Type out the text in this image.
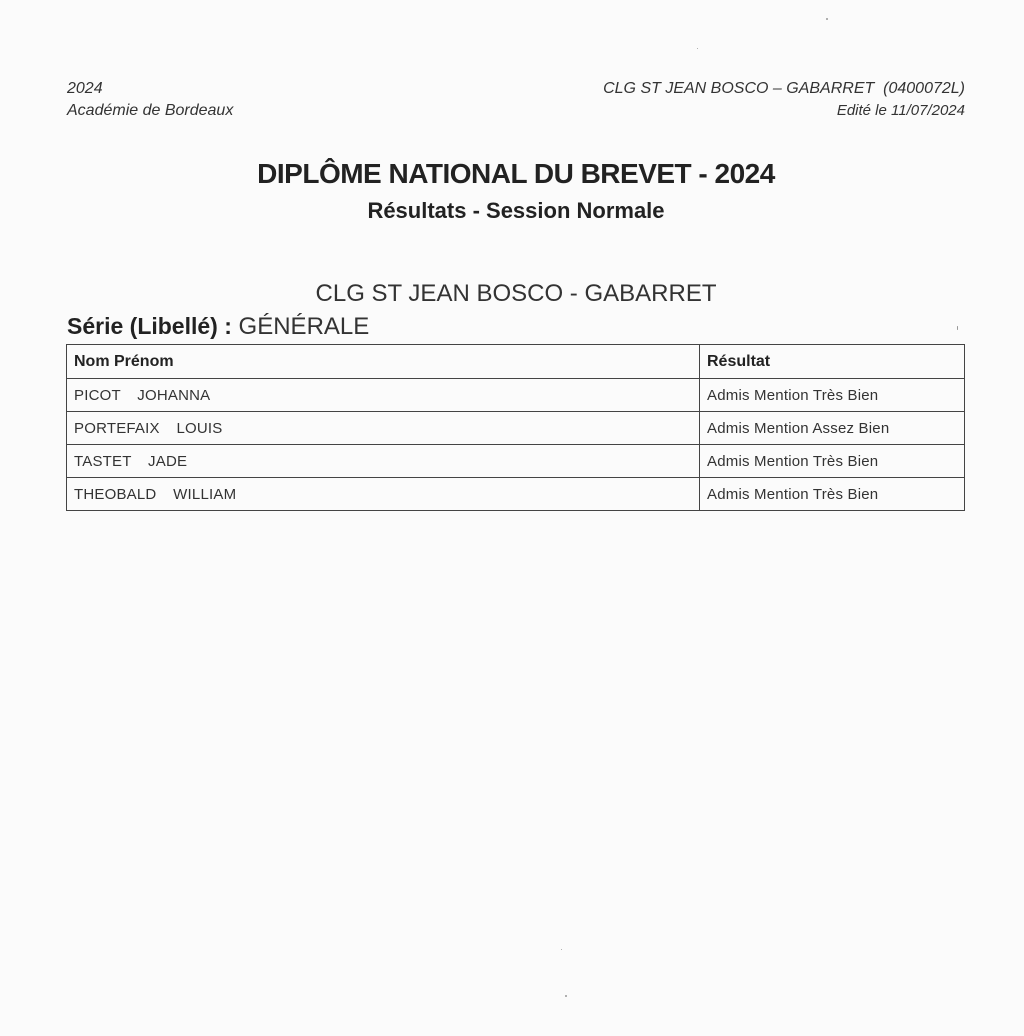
2024
Académie de Bordeaux
CLG ST JEAN BOSCO – GABARRET  (0400072L)
Edité le 11/07/2024
DIPLÔME NATIONAL DU BREVET - 2024
Résultats - Session Normale
CLG ST JEAN BOSCO - GABARRET
Série (Libellé) : GÉNÉRALE
Nom Prénom	Résultat
PICOT  JOHANNA	Admis Mention Très Bien
PORTEFAIX  LOUIS	Admis Mention Assez Bien
TASTET  JADE	Admis Mention Très Bien
THEOBALD  WILLIAM	Admis Mention Très Bien
